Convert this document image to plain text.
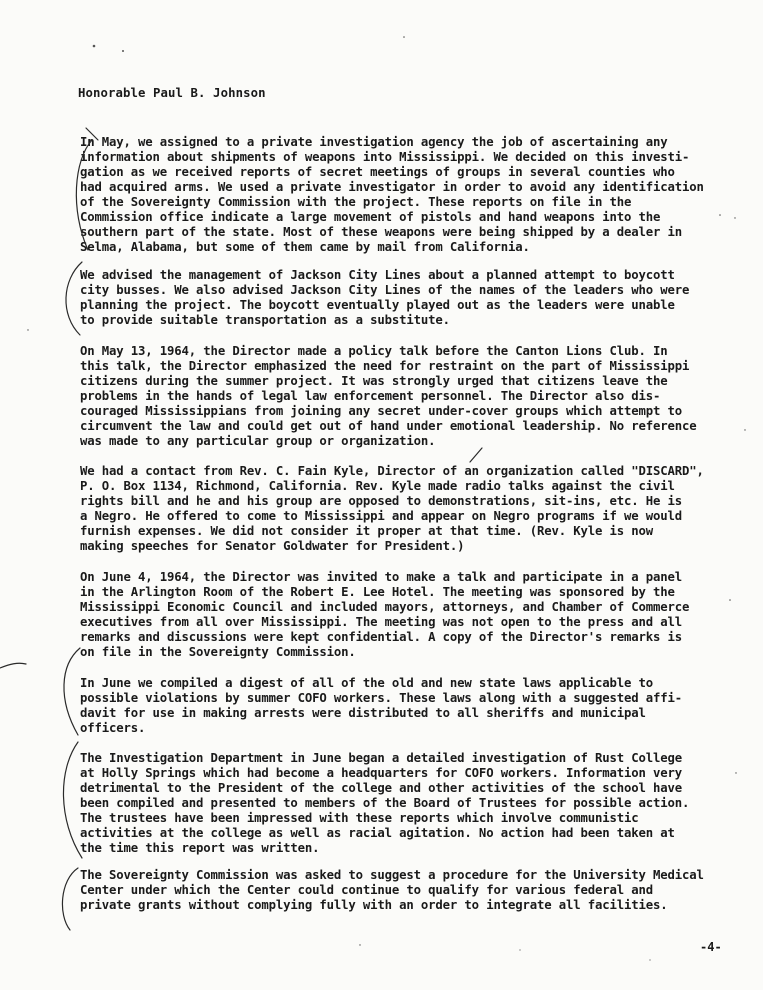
Honorable Paul B. Johnson
In May, we assigned to a private investigation agency the job of ascertaining any
information about shipments of weapons into Mississippi. We decided on this investi-
gation as we received reports of secret meetings of groups in several counties who
had acquired arms. We used a private investigator in order to avoid any identification
of the Sovereignty Commission with the project. These reports on file in the
Commission office indicate a large movement of pistols and hand weapons into the
southern part of the state. Most of these weapons were being shipped by a dealer in
Selma, Alabama, but some of them came by mail from California.
We advised the management of Jackson City Lines about a planned attempt to boycott
city busses. We also advised Jackson City Lines of the names of the leaders who were
planning the project. The boycott eventually played out as the leaders were unable
to provide suitable transportation as a substitute.
On May 13, 1964, the Director made a policy talk before the Canton Lions Club. In
this talk, the Director emphasized the need for restraint on the part of Mississippi
citizens during the summer project. It was strongly urged that citizens leave the
problems in the hands of legal law enforcement personnel. The Director also dis-
couraged Mississippians from joining any secret under-cover groups which attempt to
circumvent the law and could get out of hand under emotional leadership. No reference
was made to any particular group or organization.
We had a contact from Rev. C. Fain Kyle, Director of an organization called "DISCARD",
P. O. Box 1134, Richmond, California. Rev. Kyle made radio talks against the civil
rights bill and he and his group are opposed to demonstrations, sit-ins, etc. He is
a Negro. He offered to come to Mississippi and appear on Negro programs if we would
furnish expenses. We did not consider it proper at that time. (Rev. Kyle is now
making speeches for Senator Goldwater for President.)
On June 4, 1964, the Director was invited to make a talk and participate in a panel
in the Arlington Room of the Robert E. Lee Hotel. The meeting was sponsored by the
Mississippi Economic Council and included mayors, attorneys, and Chamber of Commerce
executives from all over Mississippi. The meeting was not open to the press and all
remarks and discussions were kept confidential. A copy of the Director's remarks is
on file in the Sovereignty Commission.
In June we compiled a digest of all of the old and new state laws applicable to
possible violations by summer COFO workers. These laws along with a suggested affi-
davit for use in making arrests were distributed to all sheriffs and municipal
officers.
The Investigation Department in June began a detailed investigation of Rust College
at Holly Springs which had become a headquarters for COFO workers. Information very
detrimental to the President of the college and other activities of the school have
been compiled and presented to members of the Board of Trustees for possible action.
The trustees have been impressed with these reports which involve communistic
activities at the college as well as racial agitation. No action had been taken at
the time this report was written.
The Sovereignty Commission was asked to suggest a procedure for the University Medical
Center under which the Center could continue to qualify for various federal and
private grants without complying fully with an order to integrate all facilities.
-4-
